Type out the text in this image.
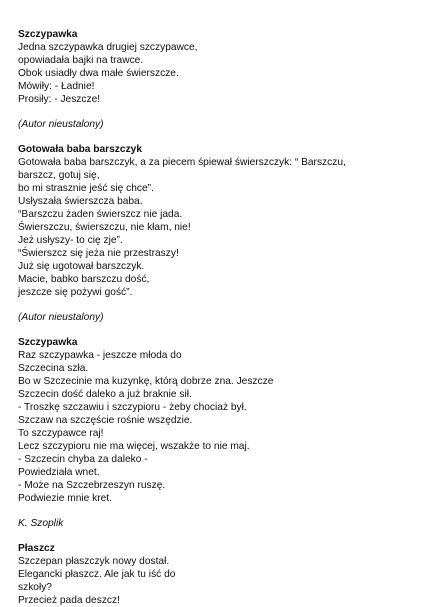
Szczypawka

Jedna szczypawka drugiej szczypawce,

opowiadała bajki na trawce.

Obok usiadły dwa małe świerszcze.

Mówiły: - Ładnie!

Prosiły: - Jeszcze!

(Autor nieustalony)

Gotowała baba barszczyk

Gotowała baba barszczyk, a za piecem śpiewał świerszczyk: “ Barszczu,

barszcz, gotuj się,

bo mi strasznie jeść się chce”.

Usłyszała świerszcza baba.

“Barszczu żaden świerszcz nie jada.

Świerszczu, świerszczu, nie kłam, nie!

Jeż usłyszy- to cię zje”.

“Świerszcz się jeża nie przestraszy!

Już się ugotował barszczyk.

Macie, babko barszczu dość,

jeszcze się pożywi gość”.

(Autor nieustalony)

Szczypawka

Raz szczypawka - jeszcze młoda do

Szczecina szła.

Bo w Szczecinie ma kuzynkę, którą dobrze zna. Jeszcze

Szczecin dość daleko a już braknie sił.

- Troszkę szczawiu i szczypioru - żeby chociaż był.

Szczaw na szczęście rośnie wszędzie.

To szczypawce raj!

Lecz szczypioru nie ma więcej, wszakże to nie maj.

- Szczecin chyba za daleko -

Powiedziała wnet.

- Może na Szczebrzeszyn ruszę.

Podwiezie mnie kret.

K. Szoplik

Płaszcz

Szczepan płaszczyk nowy dostał.

Elegancki płaszcz. Ale jak tu iść do

szkoły?

Przecież pada deszcz!
